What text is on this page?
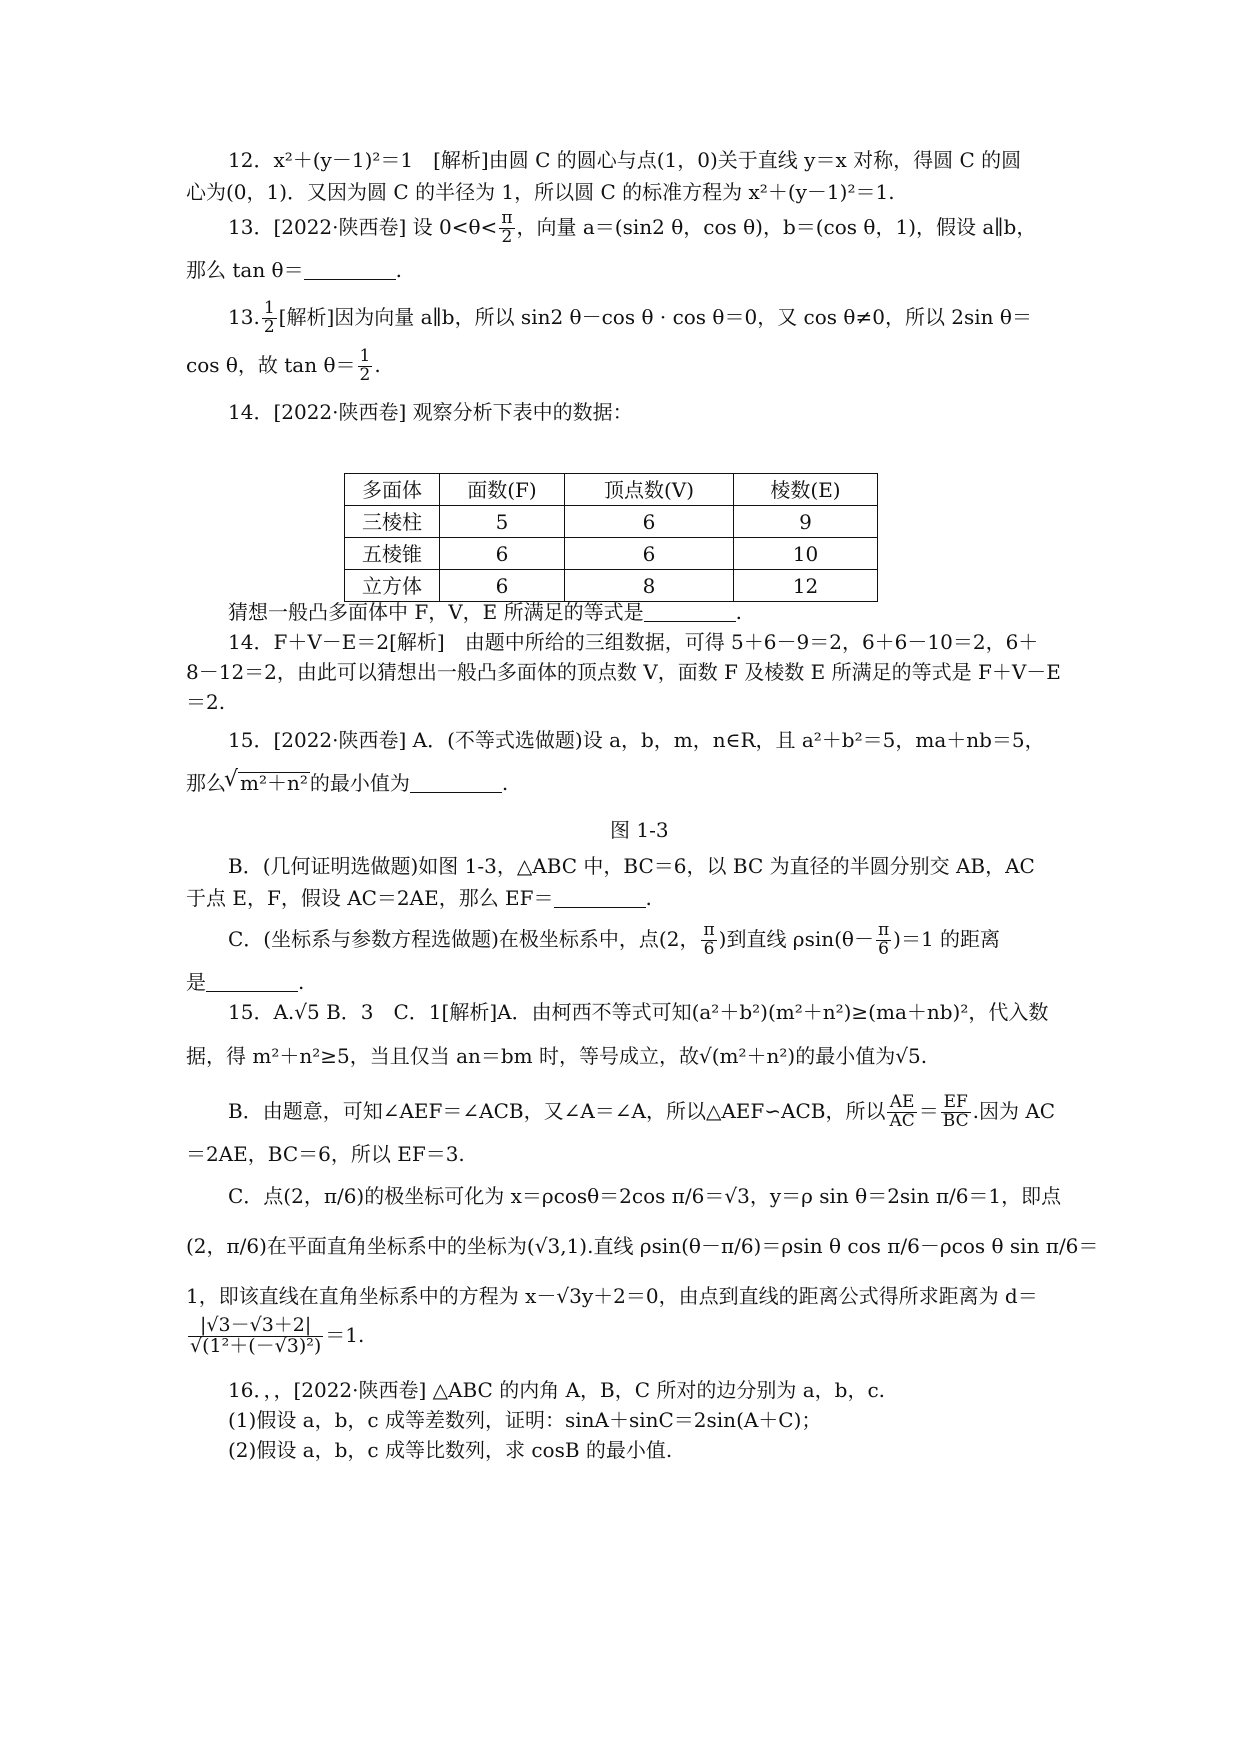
12．x²＋(y－1)²＝1　[解析]由圆 C 的圆心与点(1，0)关于直线 y＝x 对称，得圆 C 的圆
心为(0，1)．又因为圆 C 的半径为 1，所以圆 C 的标准方程为 x²＋(y－1)²＝1.
13．[2022·陕西卷] 设 $0<\theta< \frac{\pi}{2}$ ，向量 a＝(sin2 θ，cos θ)，b＝(cos θ，1)，假设 a∥b，
那么 tan θ＝	.
13. $\frac{1}{2}$ [解析]因为向量 a∥b，所以 sin2 θ－cos θ · cos θ＝0，又 cos θ≠0，所以 2sin θ＝
cos θ，故 $\tan \theta= \frac{1}{2}$ .
14．[2022·陕西卷] 观察分析下表中的数据：
多面体	面数(F)	顶点数(V)	棱数(E)
三棱柱	5	6	9
五棱锥	6	6	10
立方体	6	8	12
猜想一般凸多面体中 F，V，E 所满足的等式是	.
14．F＋V－E＝2[解析]　由题中所给的三组数据，可得 5＋6－9＝2，6＋6－10＝2，6＋
8－12＝2，由此可以猜想出一般凸多面体的顶点数 V，面数 F 及棱数 E 所满足的等式是 F＋V－E
＝2.
15．[2022·陕西卷] A．(不等式选做题)设 a，b，m，n∈R，且 a²＋b²＝5，ma＋nb＝5，
那么 √ m²＋n² 的最小值为	.
图 1-3
B．(几何证明选做题)如图 1-3，△ABC 中，BC＝6，以 BC 为直径的半圆分别交 AB，AC
于点 E，F，假设 AC＝2AE，那么 EF＝	.
C．(坐标系与参数方程选做题)在极坐标系中，点(2， $\frac{\pi}{6}$ )到直线 $\rho\sin(\theta- \frac{\pi}{6} )=1$ 的距离
是	.
15．A.√5 B．3　C．1[解析]A．由柯西不等式可知(a²＋b²)(m²＋n²)≥(ma＋nb)²，代入数
据，得 m²＋n²≥5，当且仅当 an＝bm 时，等号成立，故√(m²＋n²)的最小值为√5.
B．由题意，可知∠AEF＝∠ACB，又∠A＝∠A，所以△AEF∽ACB，所以 $\frac{AE}{AC} = \frac{EF}{BC}$ .因为 AC
＝2AE，BC＝6，所以 EF＝3.
C．点(2，π/6)的极坐标可化为 x＝ρcosθ＝2cos π/6＝√3，y＝ρ sin θ＝2sin π/6＝1，即点
(2，π/6)在平面直角坐标系中的坐标为(√3,1).直线 ρsin(θ－π/6)＝ρsin θ cos π/6－ρcos θ sin π/6＝
1，即该直线在直角坐标系中的方程为 x－√3y＋2＝0，由点到直线的距离公式得所求距离为 d＝
$\frac{|√3-√3+2|}{\text{√(1²＋(－√3)²)}} =1$.
16．，，[2022·陕西卷] △ABC 的内角 A，B，C 所对的边分别为 a，b，c.
(1)假设 a，b，c 成等差数列，证明：sinA＋sinC＝2sin(A＋C)；
(2)假设 a，b，c 成等比数列，求 cosB 的最小值.
